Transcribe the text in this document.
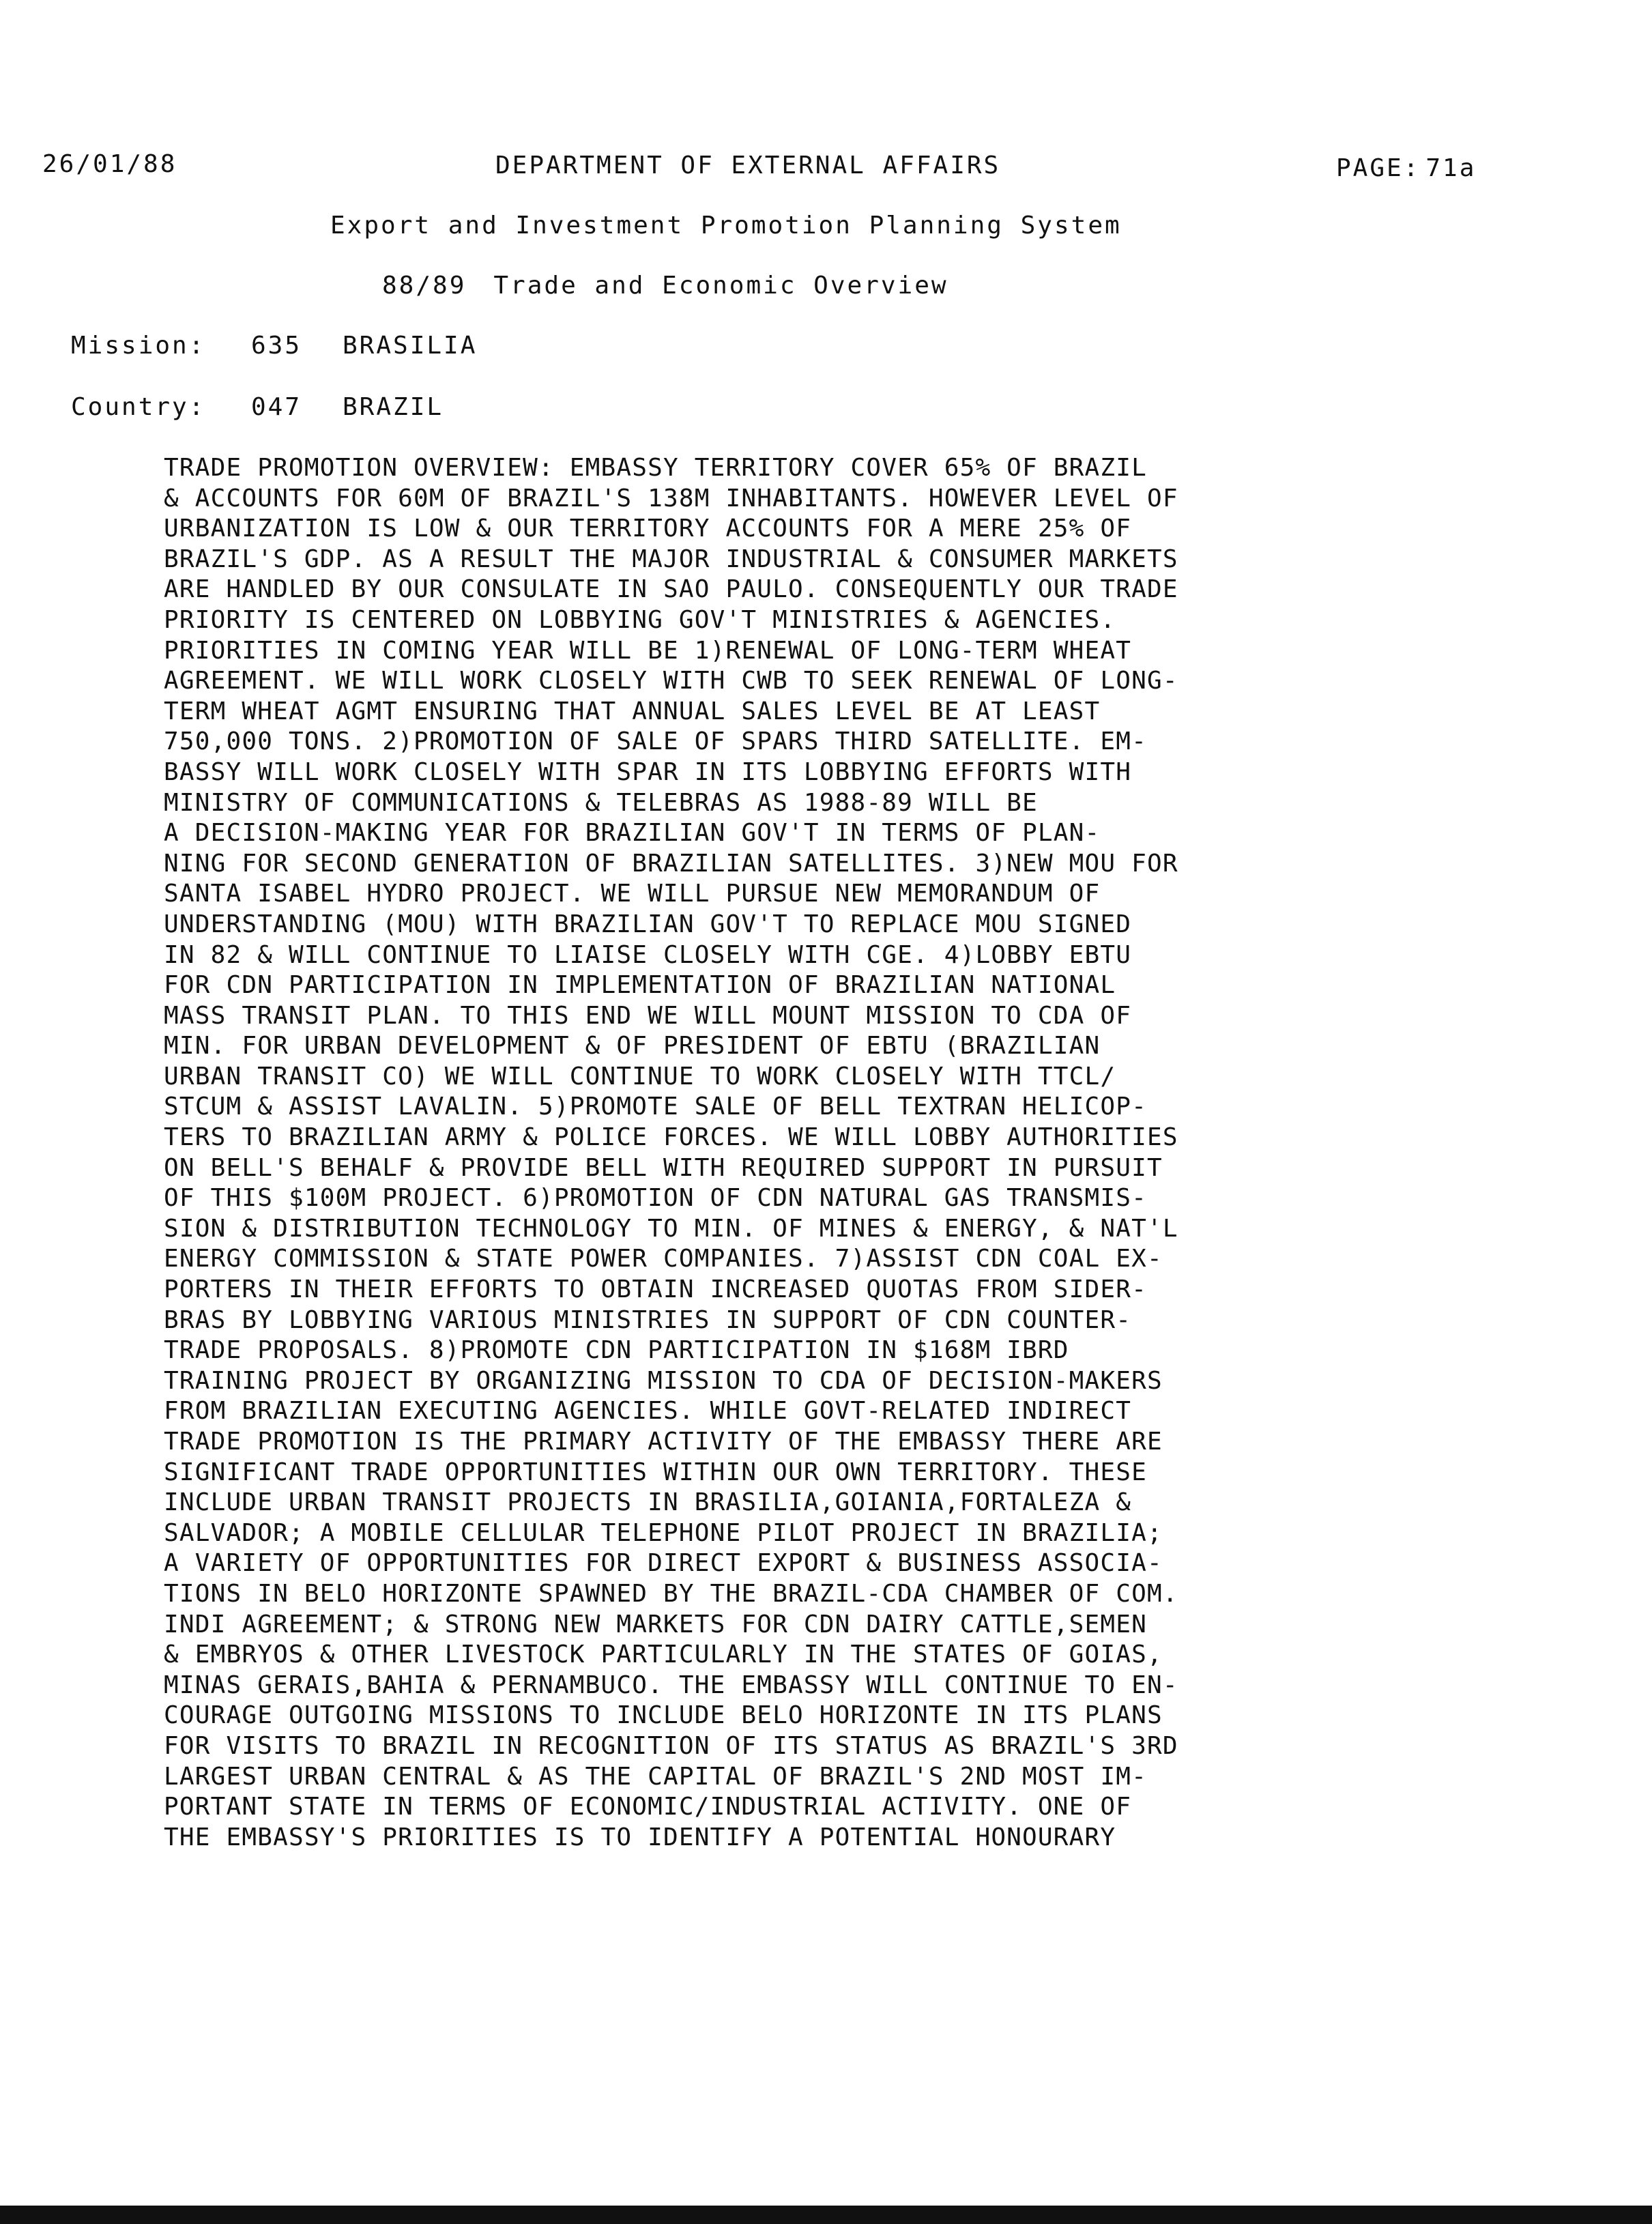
26/01/88	DEPARTMENT OF EXTERNAL AFFAIRS	PAGE: 71a
Export and Investment Promotion Planning System
88/89 Trade and Economic Overview
Mission: 635 BRASILIA
Country: 047 BRAZIL
TRADE PROMOTION OVERVIEW: EMBASSY TERRITORY COVER 65% OF BRAZIL
& ACCOUNTS FOR 60M OF BRAZIL'S 138M INHABITANTS. HOWEVER LEVEL OF
URBANIZATION IS LOW & OUR TERRITORY ACCOUNTS FOR A MERE 25% OF
BRAZIL'S GDP. AS A RESULT THE MAJOR INDUSTRIAL & CONSUMER MARKETS
ARE HANDLED BY OUR CONSULATE IN SAO PAULO. CONSEQUENTLY OUR TRADE
PRIORITY IS CENTERED ON LOBBYING GOV'T MINISTRIES & AGENCIES.
PRIORITIES IN COMING YEAR WILL BE 1)RENEWAL OF LONG-TERM WHEAT
AGREEMENT. WE WILL WORK CLOSELY WITH CWB TO SEEK RENEWAL OF LONG-
TERM WHEAT AGMT ENSURING THAT ANNUAL SALES LEVEL BE AT LEAST
750,000 TONS. 2)PROMOTION OF SALE OF SPARS THIRD SATELLITE. EM-
BASSY WILL WORK CLOSELY WITH SPAR IN ITS LOBBYING EFFORTS WITH
MINISTRY OF COMMUNICATIONS & TELEBRAS AS 1988-89 WILL BE
A DECISION-MAKING YEAR FOR BRAZILIAN GOV'T IN TERMS OF PLAN-
NING FOR SECOND GENERATION OF BRAZILIAN SATELLITES. 3)NEW MOU FOR
SANTA ISABEL HYDRO PROJECT. WE WILL PURSUE NEW MEMORANDUM OF
UNDERSTANDING (MOU) WITH BRAZILIAN GOV'T TO REPLACE MOU SIGNED
IN 82 & WILL CONTINUE TO LIAISE CLOSELY WITH CGE. 4)LOBBY EBTU
FOR CDN PARTICIPATION IN IMPLEMENTATION OF BRAZILIAN NATIONAL
MASS TRANSIT PLAN. TO THIS END WE WILL MOUNT MISSION TO CDA OF
MIN. FOR URBAN DEVELOPMENT & OF PRESIDENT OF EBTU (BRAZILIAN
URBAN TRANSIT CO) WE WILL CONTINUE TO WORK CLOSELY WITH TTCL/
STCUM & ASSIST LAVALIN. 5)PROMOTE SALE OF BELL TEXTRAN HELICOP-
TERS TO BRAZILIAN ARMY & POLICE FORCES. WE WILL LOBBY AUTHORITIES
ON BELL'S BEHALF & PROVIDE BELL WITH REQUIRED SUPPORT IN PURSUIT
OF THIS $100M PROJECT. 6)PROMOTION OF CDN NATURAL GAS TRANSMIS-
SION & DISTRIBUTION TECHNOLOGY TO MIN. OF MINES & ENERGY, & NAT'L
ENERGY COMMISSION & STATE POWER COMPANIES. 7)ASSIST CDN COAL EX-
PORTERS IN THEIR EFFORTS TO OBTAIN INCREASED QUOTAS FROM SIDER-
BRAS BY LOBBYING VARIOUS MINISTRIES IN SUPPORT OF CDN COUNTER-
TRADE PROPOSALS. 8)PROMOTE CDN PARTICIPATION IN $168M IBRD
TRAINING PROJECT BY ORGANIZING MISSION TO CDA OF DECISION-MAKERS
FROM BRAZILIAN EXECUTING AGENCIES. WHILE GOVT-RELATED INDIRECT
TRADE PROMOTION IS THE PRIMARY ACTIVITY OF THE EMBASSY THERE ARE
SIGNIFICANT TRADE OPPORTUNITIES WITHIN OUR OWN TERRITORY. THESE
INCLUDE URBAN TRANSIT PROJECTS IN BRASILIA,GOIANIA,FORTALEZA &
SALVADOR; A MOBILE CELLULAR TELEPHONE PILOT PROJECT IN BRAZILIA;
A VARIETY OF OPPORTUNITIES FOR DIRECT EXPORT & BUSINESS ASSOCIA-
TIONS IN BELO HORIZONTE SPAWNED BY THE BRAZIL-CDA CHAMBER OF COM.
INDI AGREEMENT; & STRONG NEW MARKETS FOR CDN DAIRY CATTLE,SEMEN
& EMBRYOS & OTHER LIVESTOCK PARTICULARLY IN THE STATES OF GOIAS,
MINAS GERAIS,BAHIA & PERNAMBUCO. THE EMBASSY WILL CONTINUE TO EN-
COURAGE OUTGOING MISSIONS TO INCLUDE BELO HORIZONTE IN ITS PLANS
FOR VISITS TO BRAZIL IN RECOGNITION OF ITS STATUS AS BRAZIL'S 3RD
LARGEST URBAN CENTRAL & AS THE CAPITAL OF BRAZIL'S 2ND MOST IM-
PORTANT STATE IN TERMS OF ECONOMIC/INDUSTRIAL ACTIVITY. ONE OF
THE EMBASSY'S PRIORITIES IS TO IDENTIFY A POTENTIAL HONOURARY
